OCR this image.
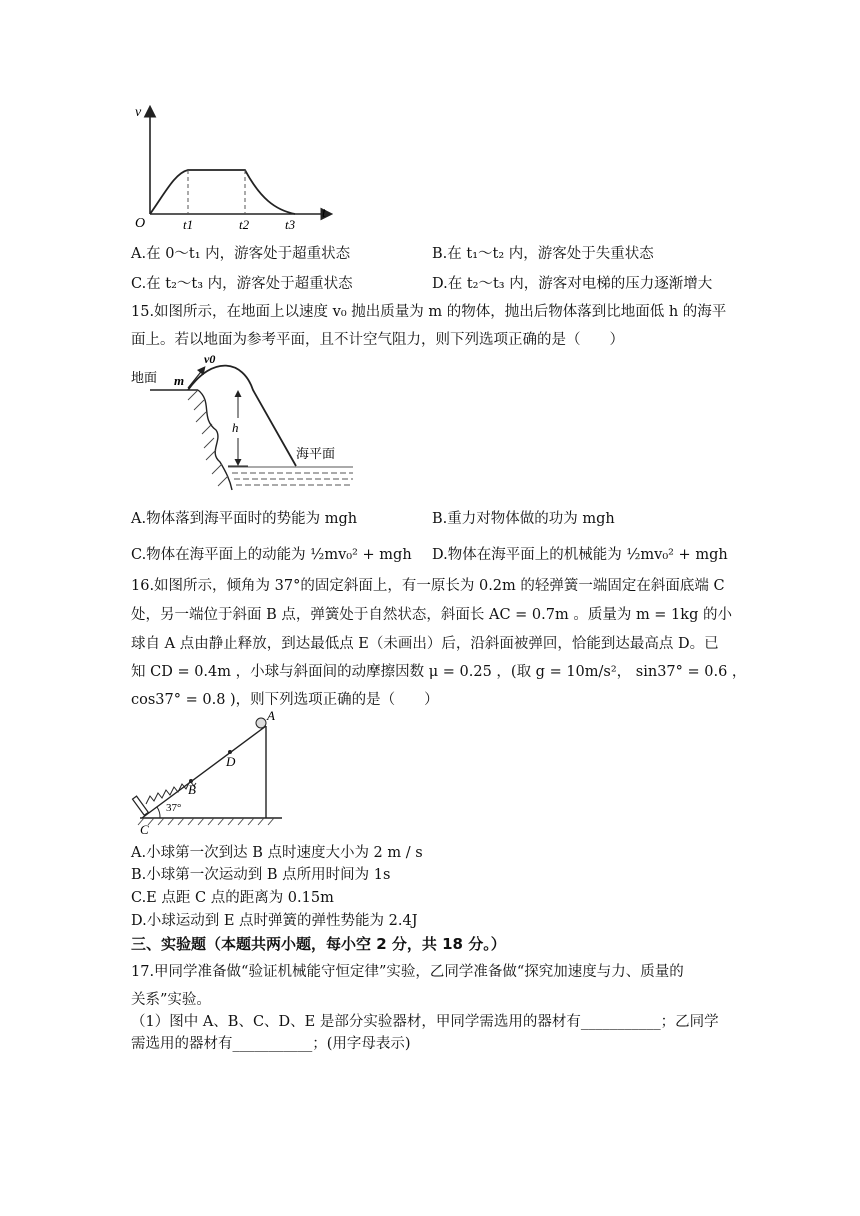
v
t
O	t1	t2	t3
A.在 0～t₁ 内，游客处于超重状态	B.在 t₁～t₂ 内，游客处于失重状态
C.在 t₂～t₃ 内，游客处于超重状态	D.在 t₂～t₃ 内，游客对电梯的压力逐渐增大
15.如图所示，在地面上以速度 v₀ 抛出质量为 m 的物体，抛出后物体落到比地面低 h 的海平
面上。若以地面为参考平面，且不计空气阻力，则下列选项正确的是（　　）
地面 m
v0
h
海平面
A.物体落到海平面时的势能为 mgh	B.重力对物体做的功为 mgh
C.物体在海平面上的动能为 ½mv₀² + mgh D.物体在海平面上的机械能为 ½mv₀² + mgh
16.如图所示，倾角为 37°的固定斜面上，有一原长为 0.2m 的轻弹簧一端固定在斜面底端 C
处，另一端位于斜面 B 点，弹簧处于自然状态，斜面长 AC = 0.7m 。质量为 m = 1kg 的小
球自 A 点由静止释放，到达最低点 E（未画出）后，沿斜面被弹回，恰能到达最高点 D。已
知 CD = 0.4m ，小球与斜面间的动摩擦因数 μ = 0.25 ，(取 g = 10m/s²， sin37° = 0.6 ，
cos37° = 0.8 )，则下列选项正确的是（　　）
A
B
C
D
37°
A.小球第一次到达 B 点时速度大小为 2 m / s
B.小球第一次运动到 B 点所用时间为 1s
C.E 点距 C 点的距离为 0.15m
D.小球运动到 E 点时弹簧的弹性势能为 2.4J
三、实验题（本题共两小题，每小空 2 分，共 18 分。）
17.甲同学准备做“验证机械能守恒定律”实验，乙同学准备做“探究加速度与力、质量的
关系”实验。
（1）图中 A、B、C、D、E 是部分实验器材，甲同学需选用的器材有___________；乙同学
需选用的器材有___________；(用字母表示)
